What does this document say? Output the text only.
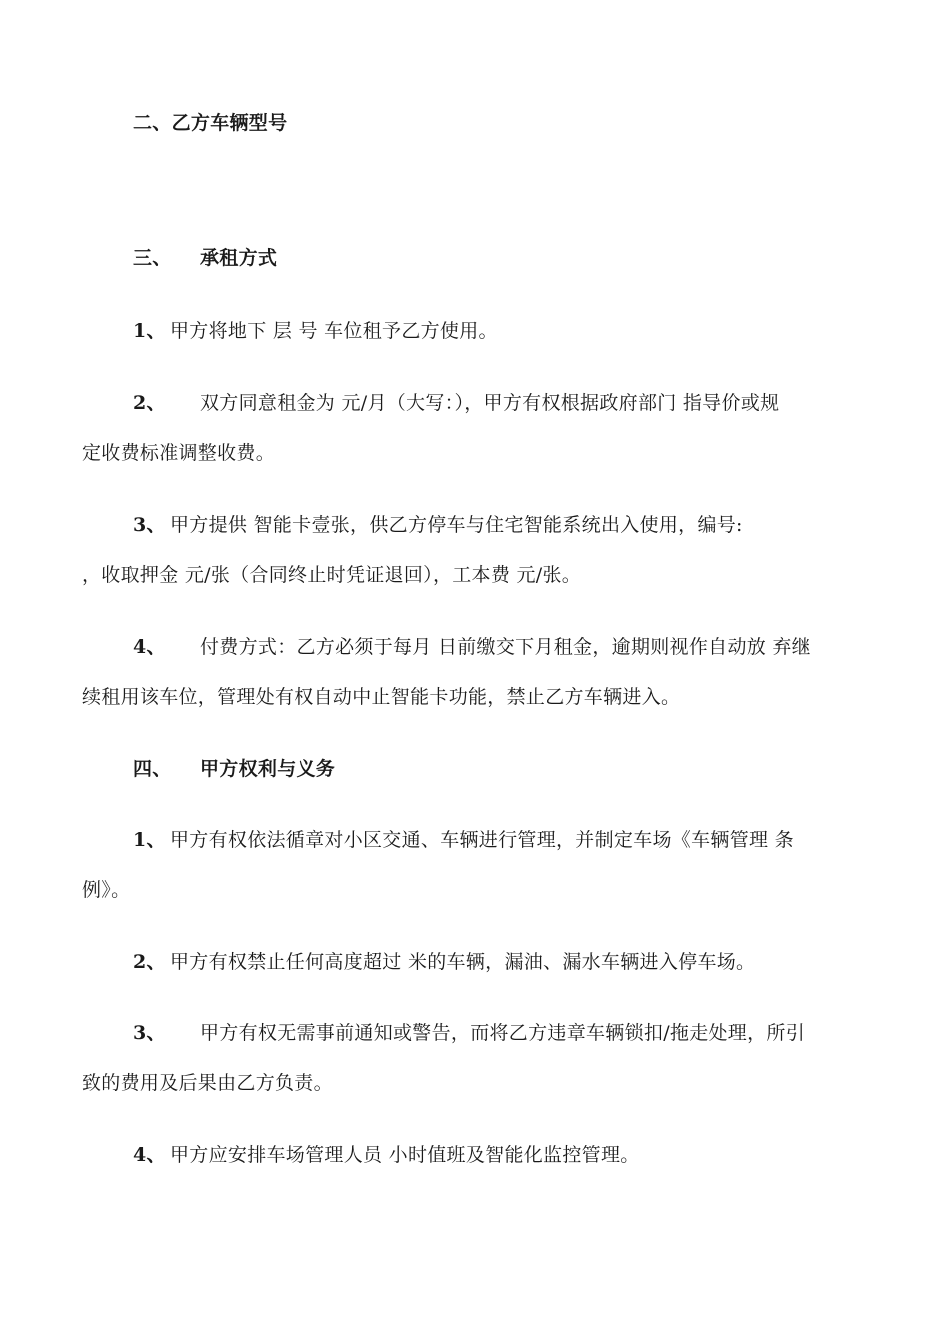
二、乙方车辆型号
三、 承租方式
1、 甲方将地下 层 号 车位租予乙方使用。
2、 双方同意租金为 元/月（大写：），甲方有权根据政府部门 指导价或规
定收费标准调整收费。
3、 甲方提供 智能卡壹张，供乙方停车与住宅智能系统出入使用，编号:
，收取押金 元/张（合同终止时凭证退回），工本费 元/张。
4、 付费方式：乙方必须于每月 日前缴交下月租金，逾期则视作自动放 弃继
续租用该车位，管理处有权自动中止智能卡功能，禁止乙方车辆进入。
四、 甲方权利与义务
1、 甲方有权依法循章对小区交通、车辆进行管理，并制定车场《车辆管理 条
例》。
2、 甲方有权禁止任何高度超过 米的车辆，漏油、漏水车辆进入停车场。
3、 甲方有权无需事前通知或警告，而将乙方违章车辆锁扣/拖走处理，所引
致的费用及后果由乙方负责。
4、 甲方应安排车场管理人员 小时值班及智能化监控管理。
